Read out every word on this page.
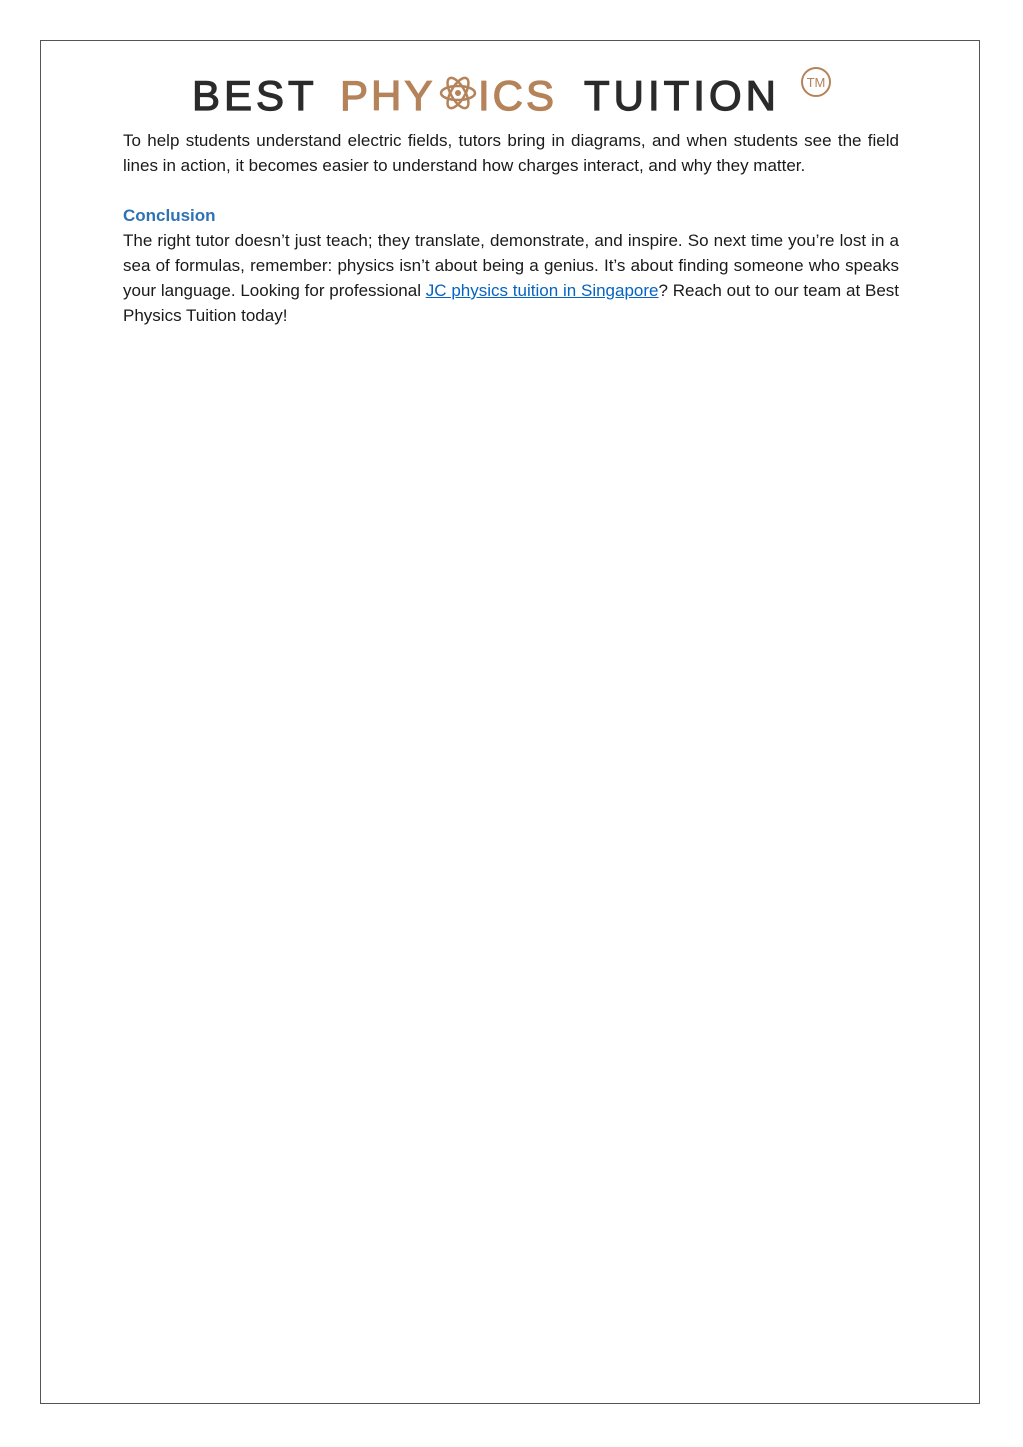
BEST PHY ICS TUITION TM

To help students understand electric fields, tutors bring in diagrams, and when students see the field lines in action, it becomes easier to understand how charges interact, and why they matter.

Conclusion

The right tutor doesn’t just teach; they translate, demonstrate, and inspire. So next time you’re lost in a sea of formulas, remember: physics isn’t about being a genius. It’s about finding someone who speaks your language. Looking for professional JC physics tuition in Singapore? Reach out to our team at Best Physics Tuition today!
